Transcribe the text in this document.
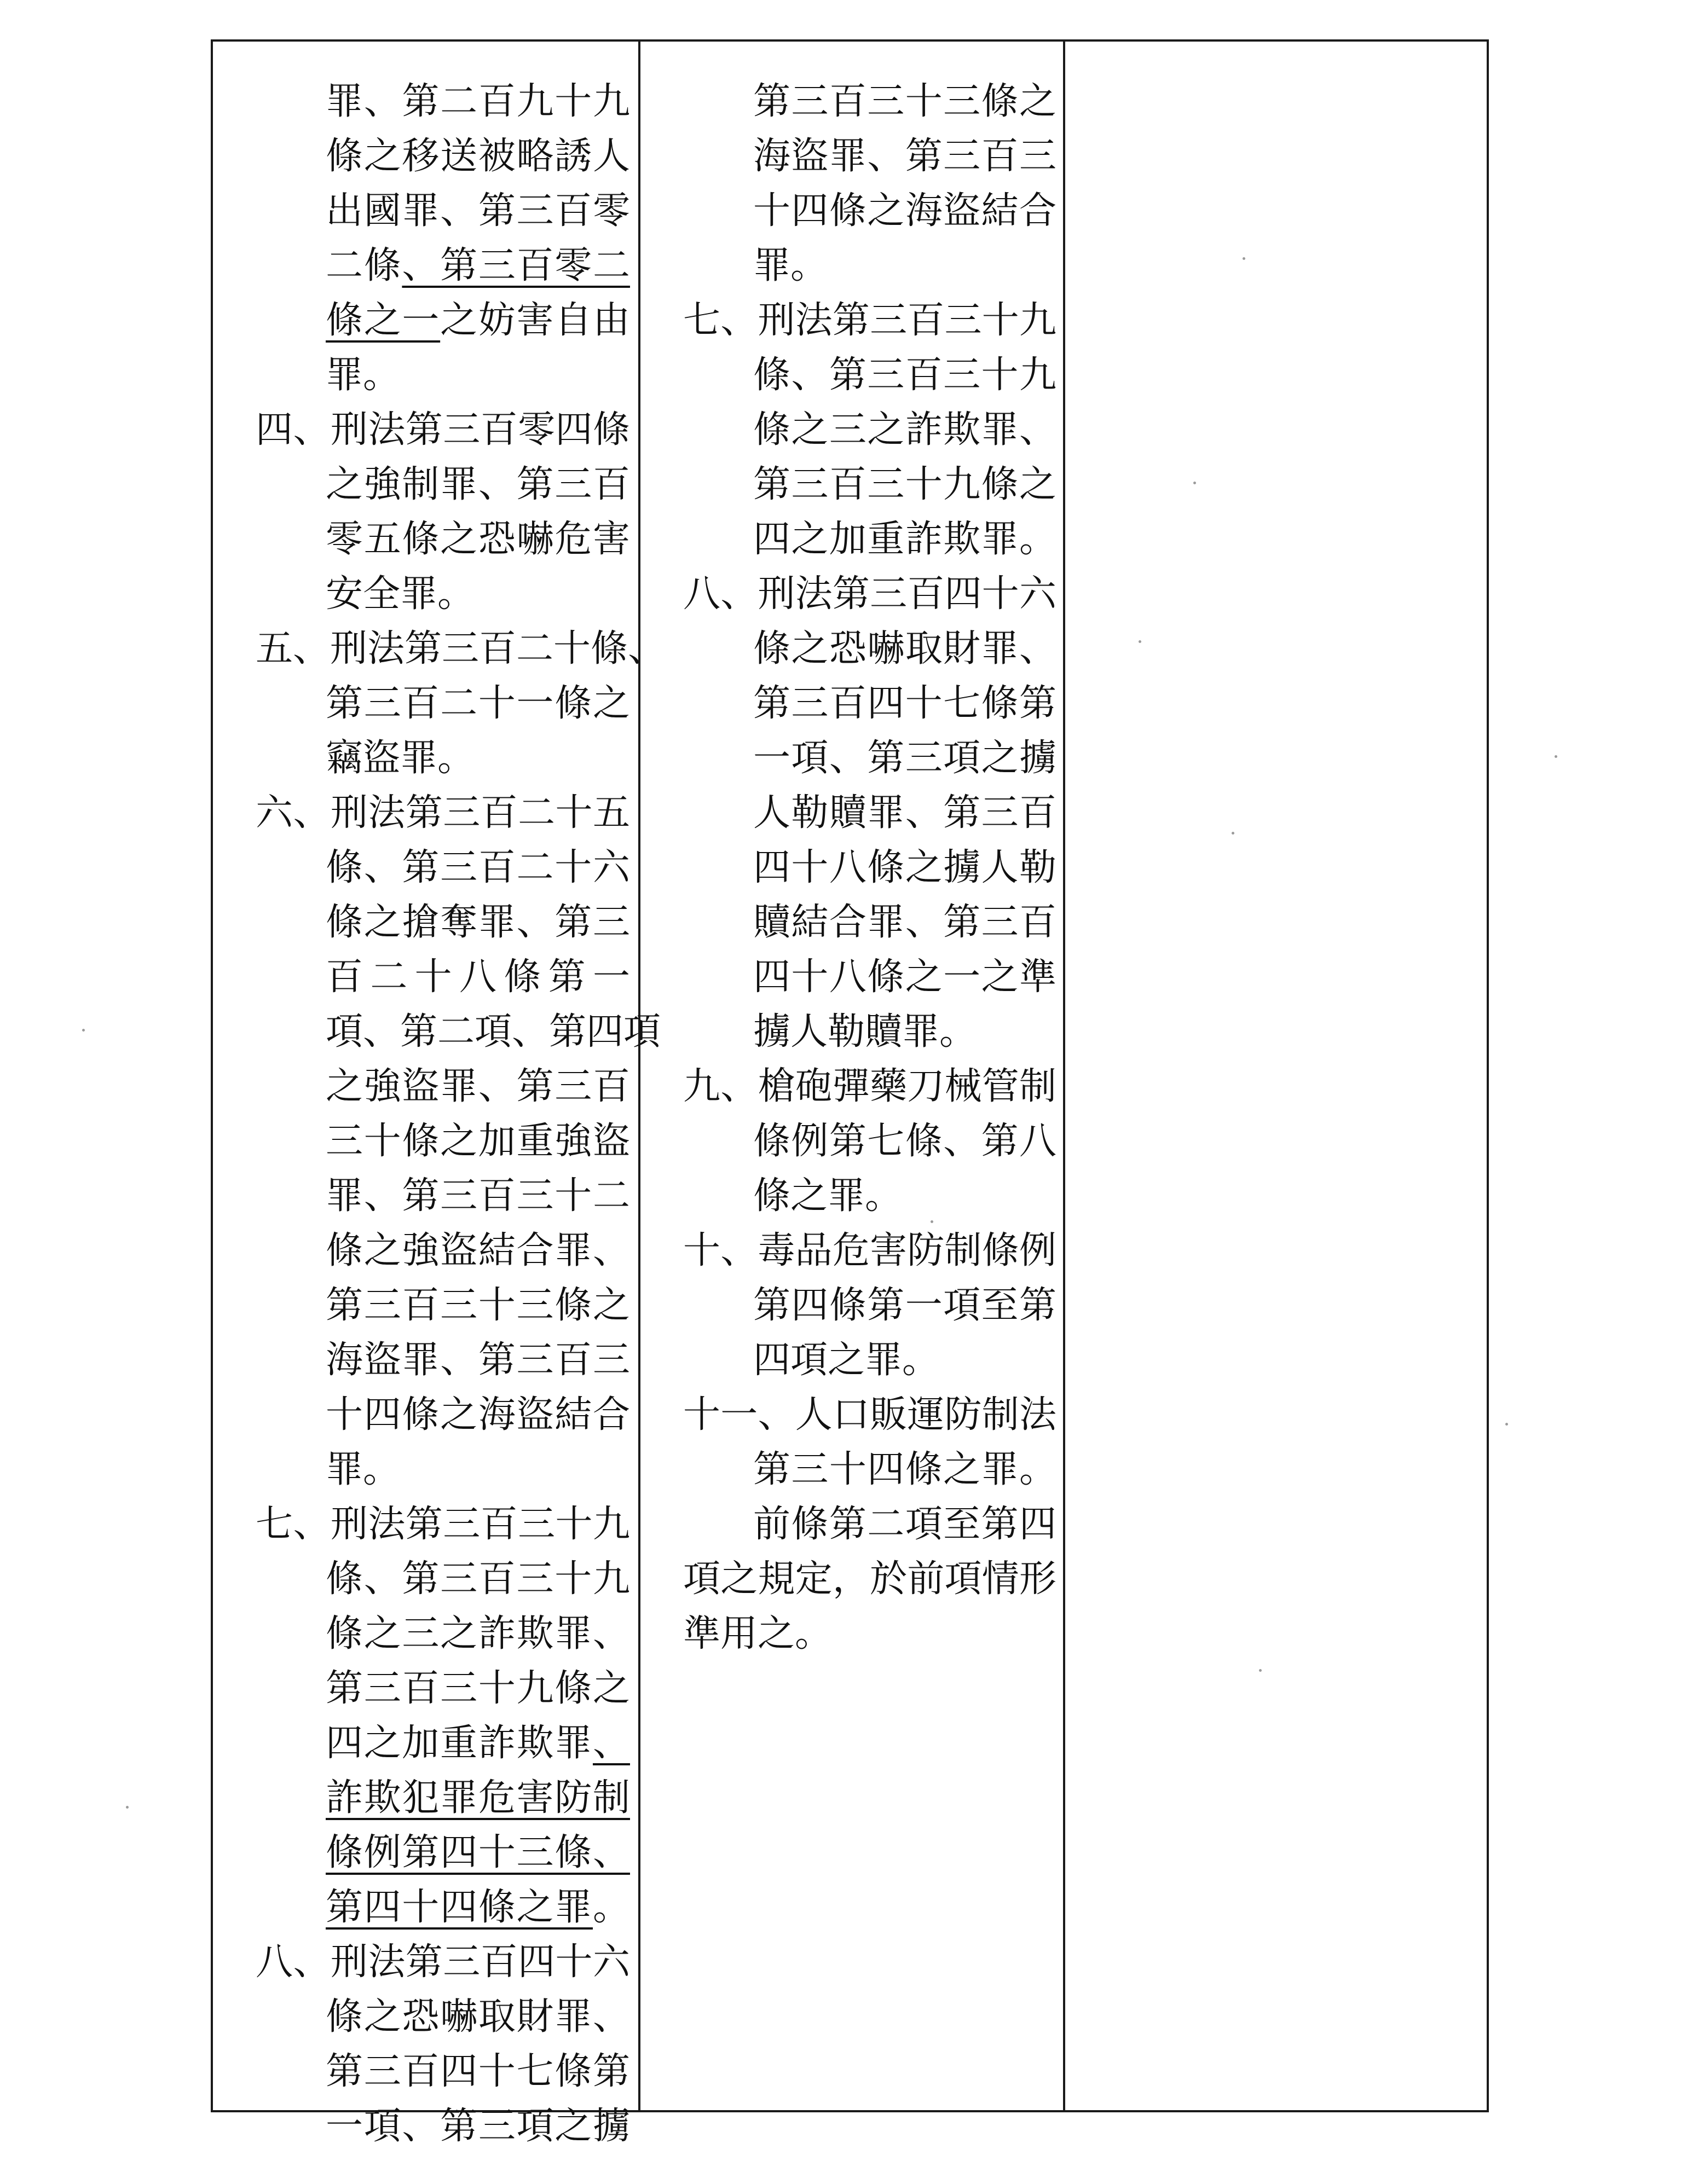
罪、第二百九十九
條之移送被略誘人
出國罪、第三百零
二條、第三百零二
條之一之妨害自由
罪。
四、刑法第三百零四條
之強制罪、第三百
零五條之恐嚇危害
安全罪。
五、刑法第三百二十條、
第三百二十一條之
竊盜罪。
六、刑法第三百二十五
條、第三百二十六
條之搶奪罪、第三
百二十八條第一
項、第二項、第四項
之強盜罪、第三百
三十條之加重強盜
罪、第三百三十二
條之強盜結合罪、
第三百三十三條之
海盜罪、第三百三
十四條之海盜結合
罪。
七、刑法第三百三十九
條、第三百三十九
條之三之詐欺罪、
第三百三十九條之
四之加重詐欺罪、
詐欺犯罪危害防制
條例第四十三條、
第四十四條之罪。
八、刑法第三百四十六
條之恐嚇取財罪、
第三百四十七條第
一項、第三項之擄
第三百三十三條之
海盜罪、第三百三
十四條之海盜結合
罪。
七、刑法第三百三十九
條、第三百三十九
條之三之詐欺罪、
第三百三十九條之
四之加重詐欺罪。
八、刑法第三百四十六
條之恐嚇取財罪、
第三百四十七條第
一項、第三項之擄
人勒贖罪、第三百
四十八條之擄人勒
贖結合罪、第三百
四十八條之一之準
擄人勒贖罪。
九、槍砲彈藥刀械管制
條例第七條、第八
條之罪。
十、毒品危害防制條例
第四條第一項至第
四項之罪。
十一、人口販運防制法
第三十四條之罪。
前條第二項至第四
項之規定，於前項情形
準用之。
